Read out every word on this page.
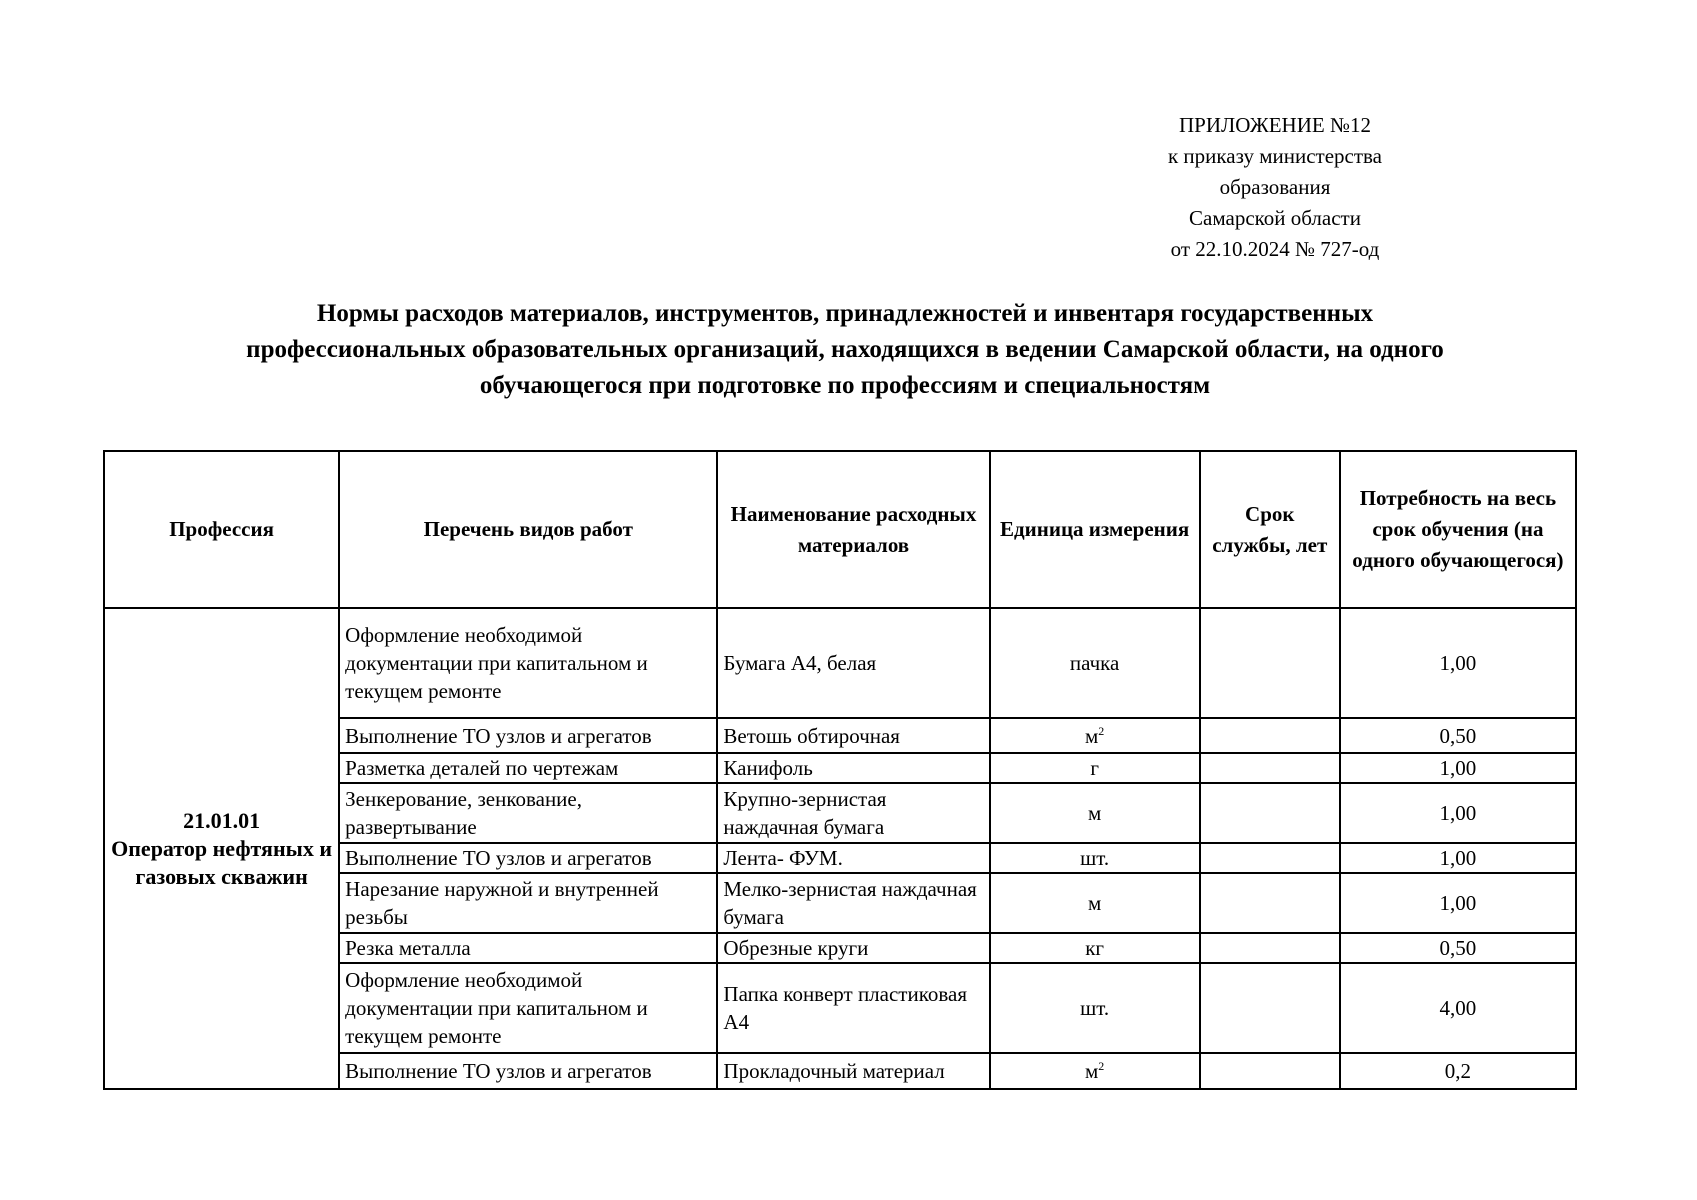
ПРИЛОЖЕНИЕ №12
к приказу министерства
образования
Самарской области
от 22.10.2024 № 727-од
Нормы расходов материалов, инструментов, принадлежностей и инвентаря государственных
профессиональных образовательных организаций, находящихся в ведении Самарской области, на одного
обучающегося при подготовке по профессиям и специальностям
Профессия	Перечень видов работ	Наименование расходных материалов	Единица измерения	Срок службы, лет	Потребность на весь срок обучения (на одного обучающегося)

21.01.01
Оператор нефтяных и газовых скважин	Оформление необходимой документации при капитальном и текущем ремонте	Бумага А4, белая	пачка		1,00
	Выполнение ТО узлов и агрегатов	Ветошь обтирочная	$м^2$		0,50
	Разметка деталей по чертежам	Канифоль	г		1,00
	Зенкерование, зенкование, развертывание	Крупно-зернистая наждачная бумага	м		1,00
	Выполнение ТО узлов и агрегатов	Лента- ФУМ.	шт.		1,00
	Нарезание наружной и внутренней резьбы	Мелко-зернистая наждачная бумага	м		1,00
	Резка металла	Обрезные круги	кг		0,50
	Оформление необходимой документации при капитальном и текущем ремонте	Папка конверт пластиковая А4	шт.		4,00
	Выполнение ТО узлов и агрегатов	Прокладочный материал	$м^2$		0,2
